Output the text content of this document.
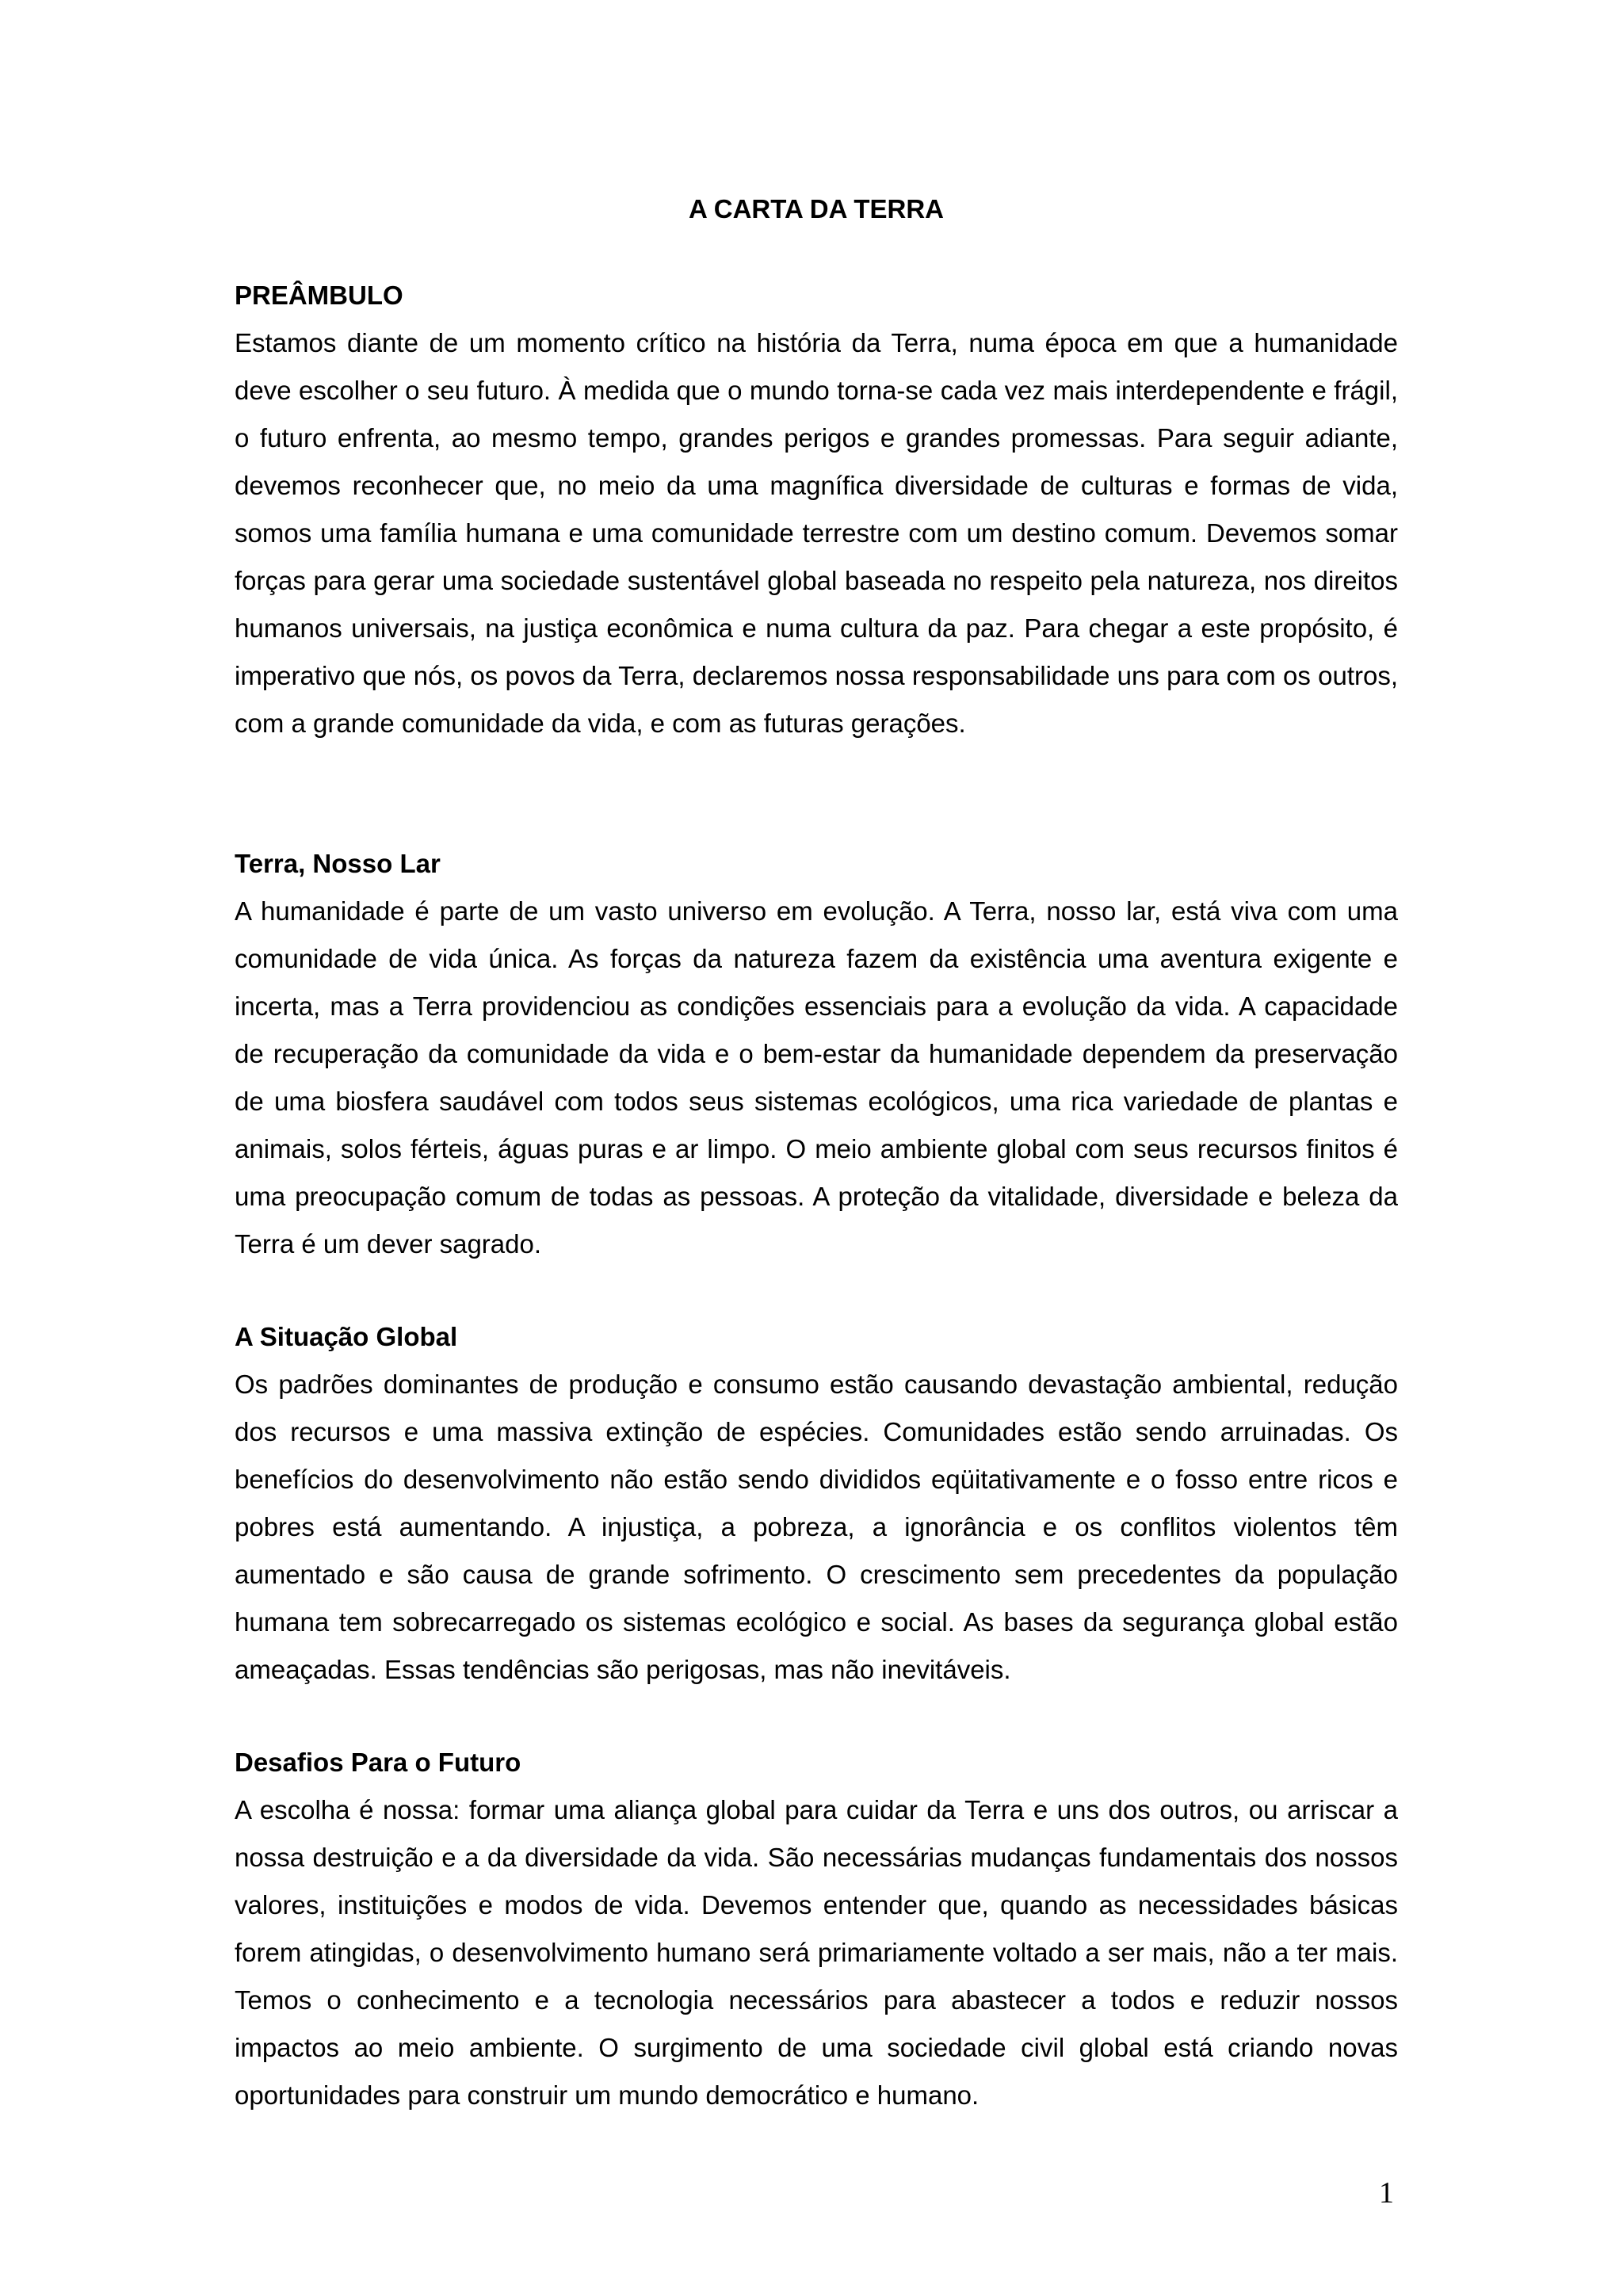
A CARTA DA TERRA
PREÂMBULO

Estamos diante de um momento crítico na história da Terra, numa época em que a humanidade deve escolher o seu futuro. À medida que o mundo torna-se cada vez mais interdependente e frágil, o futuro enfrenta, ao mesmo tempo, grandes perigos e grandes promessas. Para seguir adiante, devemos reconhecer que, no meio da uma magnífica diversidade de culturas e formas de vida, somos uma família humana e uma comunidade terrestre com um destino comum. Devemos somar forças para gerar uma sociedade sustentável global baseada no respeito pela natureza, nos direitos humanos universais, na justiça econômica e numa cultura da paz. Para chegar a este propósito, é imperativo que nós, os povos da Terra, declaremos nossa responsabilidade uns para com os outros, com a grande comunidade da vida, e com as futuras gerações.

Terra, Nosso Lar

A humanidade é parte de um vasto universo em evolução. A Terra, nosso lar, está viva com uma comunidade de vida única. As forças da natureza fazem da existência uma aventura exigente e incerta, mas a Terra providenciou as condições essenciais para a evolução da vida. A capacidade de recuperação da comunidade da vida e o bem-estar da humanidade dependem da preservação de uma biosfera saudável com todos seus sistemas ecológicos, uma rica variedade de plantas e animais, solos férteis, águas puras e ar limpo. O meio ambiente global com seus recursos finitos é uma preocupação comum de todas as pessoas. A proteção da vitalidade, diversidade e beleza da Terra é um dever sagrado.

A Situação Global

Os padrões dominantes de produção e consumo estão causando devastação ambiental, redução dos recursos e uma massiva extinção de espécies. Comunidades estão sendo arruinadas. Os benefícios do desenvolvimento não estão sendo divididos eqüitativamente e o fosso entre ricos e pobres está aumentando. A injustiça, a pobreza, a ignorância e os conflitos violentos têm aumentado e são causa de grande sofrimento. O crescimento sem precedentes da população humana tem sobrecarregado os sistemas ecológico e social. As bases da segurança global estão ameaçadas. Essas tendências são perigosas, mas não inevitáveis.

Desafios Para o Futuro

A escolha é nossa: formar uma aliança global para cuidar da Terra e uns dos outros, ou arriscar a nossa destruição e a da diversidade da vida. São necessárias mudanças fundamentais dos nossos valores, instituições e modos de vida. Devemos entender que, quando as necessidades básicas forem atingidas, o desenvolvimento humano será primariamente voltado a ser mais, não a ter mais. Temos o conhecimento e a tecnologia necessários para abastecer a todos e reduzir nossos impactos ao meio ambiente. O surgimento de uma sociedade civil global está criando novas oportunidades para construir um mundo democrático e humano.

1
